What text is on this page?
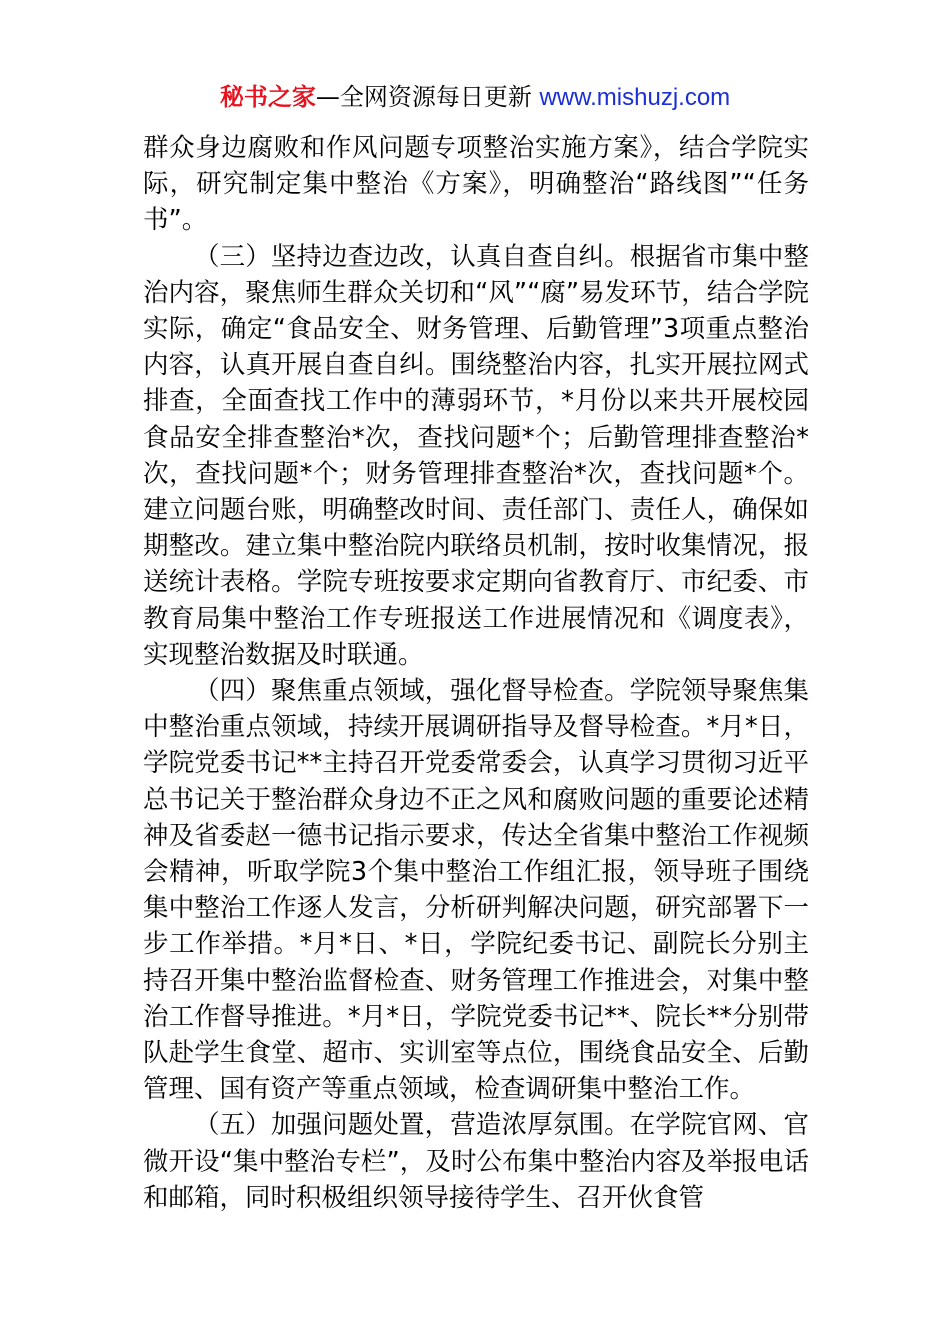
秘书之家—全网资源每日更新 www.mishuzj.com

群众身边腐败和作风问题专项整治实施方案》，结合学院实际，研究制定集中整治《方案》，明确整治“路线图”“任务书”。

（三）坚持边查边改，认真自查自纠。根据省市集中整治内容，聚焦师生群众关切和“风”“腐”易发环节，结合学院实际，确定“食品安全、财务管理、后勤管理”3项重点整治内容，认真开展自查自纠。围绕整治内容，扎实开展拉网式排查，全面查找工作中的薄弱环节，*月份以来共开展校园食品安全排查整治*次，查找问题*个；后勤管理排查整治*次，查找问题*个；财务管理排查整治*次，查找问题*个。建立问题台账，明确整改时间、责任部门、责任人，确保如期整改。建立集中整治院内联络员机制，按时收集情况，报送统计表格。学院专班按要求定期向省教育厅、市纪委、市教育局集中整治工作专班报送工作进展情况和《调度表》，实现整治数据及时联通。

（四）聚焦重点领域，强化督导检查。学院领导聚焦集中整治重点领域，持续开展调研指导及督导检查。*月*日，学院党委书记**主持召开党委常委会，认真学习贯彻习近平总书记关于整治群众身边不正之风和腐败问题的重要论述精神及省委赵一德书记指示要求，传达全省集中整治工作视频会精神，听取学院3个集中整治工作组汇报，领导班子围绕集中整治工作逐人发言，分析研判解决问题，研究部署下一步工作举措。*月*日、*日，学院纪委书记、副院长分别主持召开集中整治监督检查、财务管理工作推进会，对集中整治工作督导推进。*月*日，学院党委书记**、院长**分别带队赴学生食堂、超市、实训室等点位，围绕食品安全、后勤管理、国有资产等重点领域，检查调研集中整治工作。

（五）加强问题处置，营造浓厚氛围。在学院官网、官微开设“集中整治专栏”，及时公布集中整治内容及举报电话和邮箱，同时积极组织领导接待学生、召开伙食管
